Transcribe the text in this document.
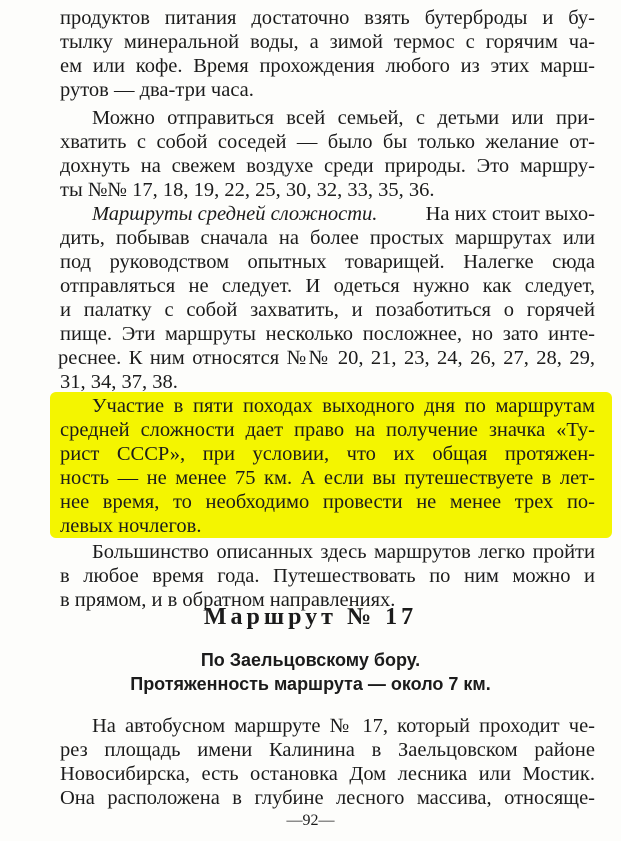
продуктов питания достаточно взять бутерброды и бу-
тылку минеральной воды, а зимой термос с горячим ча-
ем или кофе. Время прохождения любого из этих марш-
рутов — два-три часа.
Можно отправиться всей семьей, с детьми или при-
хватить с собой соседей — было бы только желание от-
дохнуть на свежем воздухе среди природы. Это маршру-
ты №№ 17, 18, 19, 22, 25, 30, 32, 33, 35, 36.
Маршруты средней сложности. На них стоит выхо-
дить, побывав сначала на более простых маршрутах или
под руководством опытных товарищей. Налегке сюда
отправляться не следует. И одеться нужно как следует,
и палатку с собой захватить, и позаботиться о горячей
пище. Эти маршруты несколько посложнее, но зато инте-
реснее. К ним относятся №№ 20, 21, 23, 24, 26, 27, 28, 29,
31, 34, 37, 38.
Участие в пяти походах выходного дня по маршрутам
средней сложности дает право на получение значка «Ту-
рист СССР», при условии, что их общая протяжен-
ность — не менее 75 км. А если вы путешествуете в лет-
нее время, то необходимо провести не менее трех по-
левых ночлегов.
Большинство описанных здесь маршрутов легко пройти
в любое время года. Путешествовать по ним можно и
в прямом, и в обратном направлениях.
Маршрут № 17
По Заельцовскому бору.
Протяженность маршрута — около 7 км.
На автобусном маршруте № 17, который проходит че-
рез площадь имени Калинина в Заельцовском районе
Новосибирска, есть остановка Дом лесника или Мостик.
Она расположена в глубине лесного массива, относяще-
—92—
